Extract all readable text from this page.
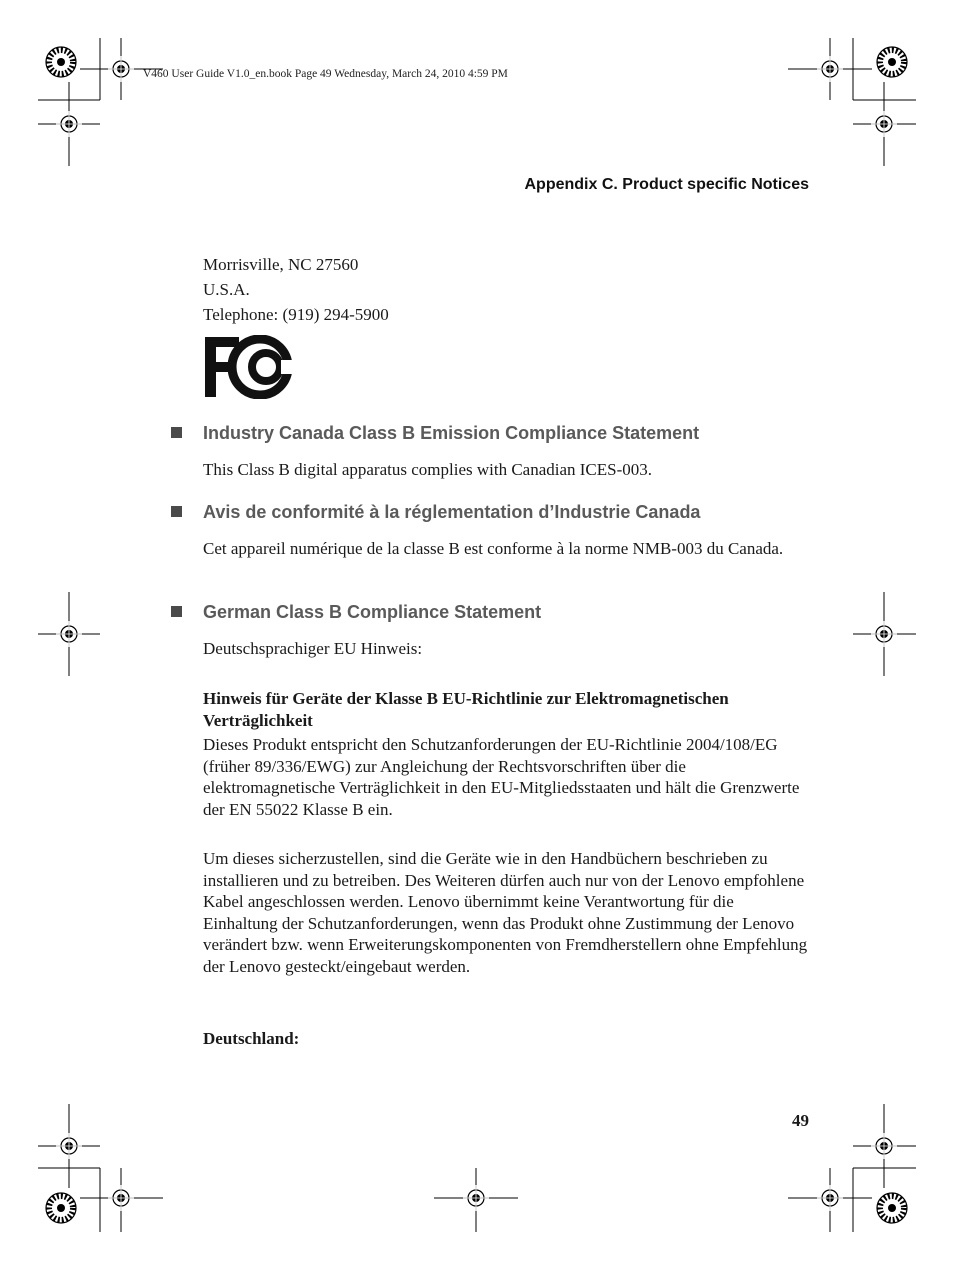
V460 User Guide V1.0_en.book Page 49 Wednesday, March 24, 2010 4:59 PM
Appendix C. Product specific Notices
Morrisville, NC 27560
U.S.A.
Telephone: (919) 294-5900
Industry Canada Class B Emission Compliance Statement
This Class B digital apparatus complies with Canadian ICES-003.
Avis de conformité à la réglementation d’Industrie Canada
Cet appareil numérique de la classe B est conforme à la norme NMB-003 du Canada.
German Class B Compliance Statement
Deutschsprachiger EU Hinweis:
Hinweis für Geräte der Klasse B EU-Richtlinie zur Elektromagnetischen Verträglichkeit
Dieses Produkt entspricht den Schutzanforderungen der EU-Richtlinie 2004/108/EG (früher 89/336/EWG) zur Angleichung der Rechtsvorschriften über die elektromagnetische Verträglichkeit in den EU-Mitgliedsstaaten und hält die Grenzwerte der EN 55022 Klasse B ein.
Um dieses sicherzustellen, sind die Geräte wie in den Handbüchern beschrieben zu installieren und zu betreiben. Des Weiteren dürfen auch nur von der Lenovo empfohlene Kabel angeschlossen werden. Lenovo übernimmt keine Verantwortung für die Einhaltung der Schutzanforderungen, wenn das Produkt ohne Zustimmung der Lenovo verändert bzw. wenn Erweiterungskomponenten von Fremdherstellern ohne Empfehlung der Lenovo gesteckt/eingebaut werden.
Deutschland:
49
